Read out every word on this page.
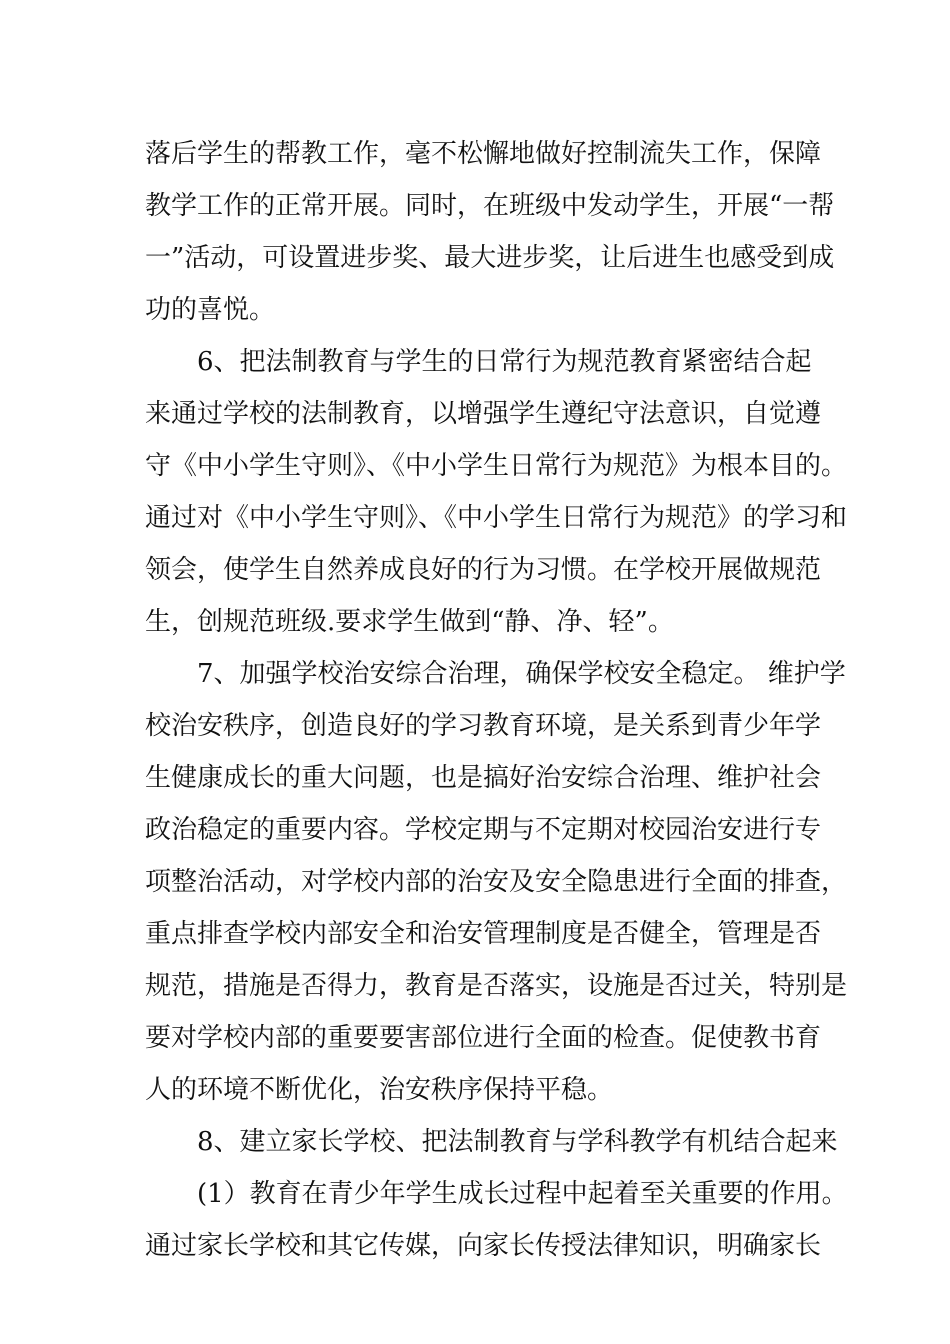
落后学生的帮教工作，毫不松懈地做好控制流失工作，保障
教学工作的正常开展。同时，在班级中发动学生，开展“一帮
一”活动，可设置进步奖、最大进步奖，让后进生也感受到成
功的喜悦。
6、把法制教育与学生的日常行为规范教育紧密结合起
来通过学校的法制教育，以增强学生遵纪守法意识，自觉遵
守《中小学生守则》、《中小学生日常行为规范》为根本目的。
通过对《中小学生守则》、《中小学生日常行为规范》的学习和
领会，使学生自然养成良好的行为习惯。在学校开展做规范
生，创规范班级.要求学生做到“静、净、轻”。
7、加强学校治安综合治理，确保学校安全稳定。 维护学
校治安秩序，创造良好的学习教育环境，是关系到青少年学
生健康成长的重大问题，也是搞好治安综合治理、维护社会
政治稳定的重要内容。学校定期与不定期对校园治安进行专
项整治活动，对学校内部的治安及安全隐患进行全面的排查，
重点排查学校内部安全和治安管理制度是否健全，管理是否
规范，措施是否得力，教育是否落实，设施是否过关，特别是
要对学校内部的重要要害部位进行全面的检查。促使教书育
人的环境不断优化，治安秩序保持平稳。
8、建立家长学校、把法制教育与学科教学有机结合起来
(1）教育在青少年学生成长过程中起着至关重要的作用。
通过家长学校和其它传媒，向家长传授法律知识，明确家长
